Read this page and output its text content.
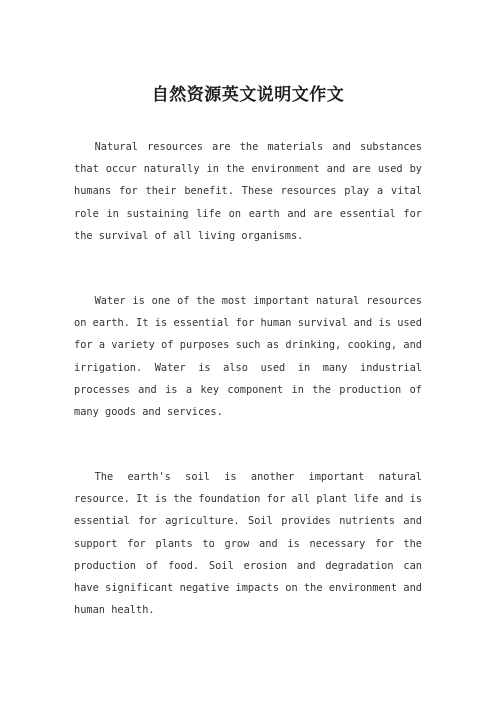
自然资源英文说明文作文

Natural resources are the materials and substances that occur naturally in the environment and are used by humans for their benefit. These resources play a vital role in sustaining life on earth and are essential for the survival of all living organisms.

Water is one of the most important natural resources on earth. It is essential for human survival and is used for a variety of purposes such as drinking, cooking, and irrigation. Water is also used in many industrial processes and is a key component in the production of many goods and services.

The earth's soil is another important natural resource. It is the foundation for all plant life and is essential for agriculture. Soil provides nutrients and support for plants to grow and is necessary for the production of food. Soil erosion and degradation can have significant negative impacts on the environment and human health.
